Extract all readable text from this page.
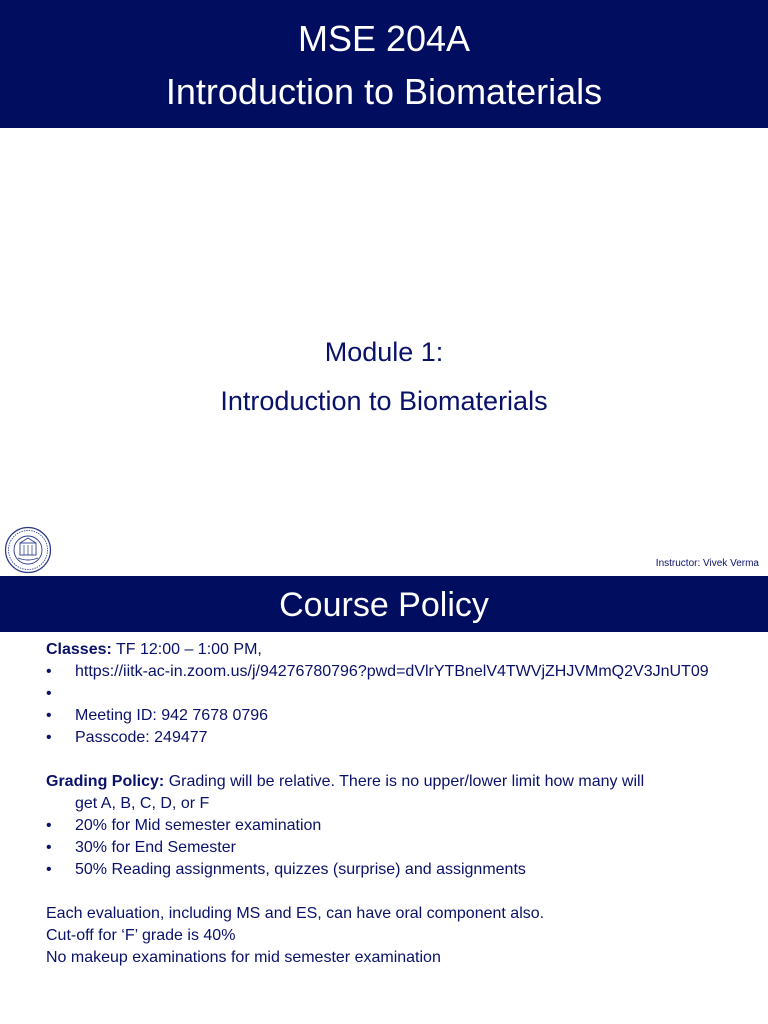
MSE 204A
Introduction to Biomaterials
Module 1:
Introduction to Biomaterials
Instructor: Vivek Verma
Course Policy

Classes: TF 12:00 – 1:00 PM,

• https://iitk-ac-in.zoom.us/j/94276780796?pwd=dVlrYTBnelV4TWVjZHJVMmQ2V3JnUT09
•
• Meeting ID: 942 7678 0796
• Passcode: 249477

Grading Policy: Grading will be relative. There is no upper/lower limit how many will

get A, B, C, D, or F

• 20% for Mid semester examination
• 30% for End Semester
• 50% Reading assignments, quizzes (surprise) and assignments

Each evaluation, including MS and ES, can have oral component also.

Cut-off for ‘F’ grade is 40%

No makeup examinations for mid semester examination
